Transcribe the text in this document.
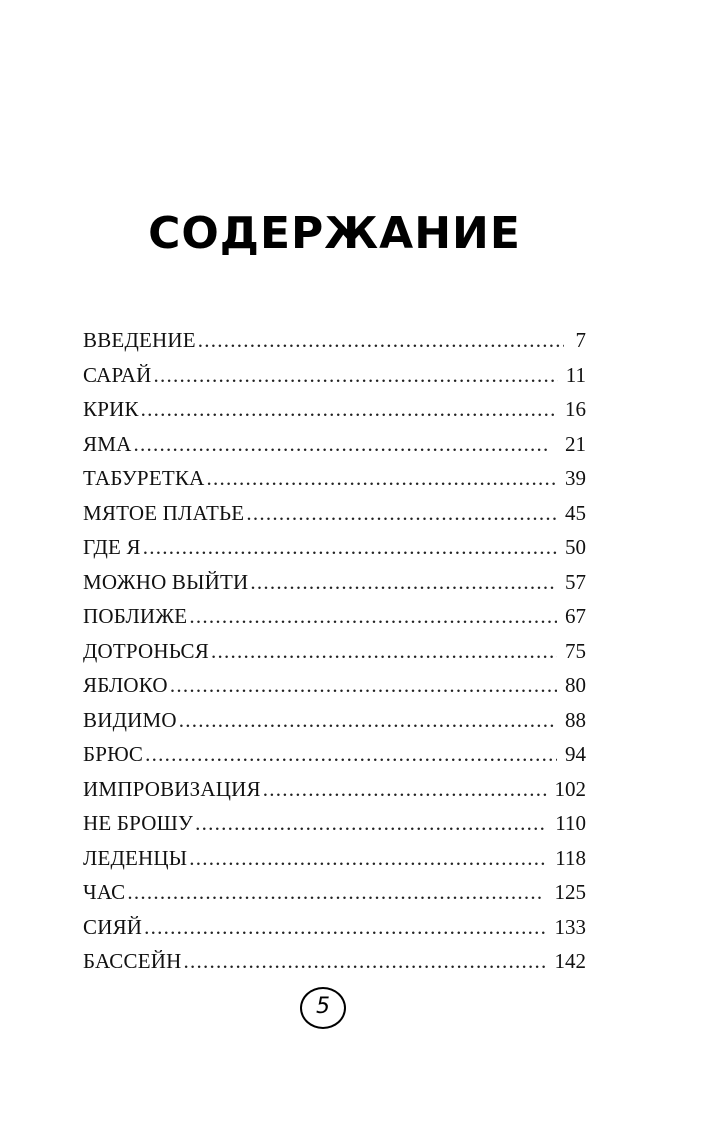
СОДЕРЖАНИЕ
ВВЕДЕНИЕ . . .	7
САРАЙ . . .	11
КРИК . . .	16
ЯМА . . .	21
ТАБУРЕТКА . . .	39
МЯТОЕ ПЛАТЬЕ . . .	45
ГДЕ Я . . .	50
МОЖНО ВЫЙТИ . . .	57
ПОБЛИЖЕ . . .	67
ДОТРОНЬСЯ . . .	75
ЯБЛОКО . . .	80
ВИДИМО . . .	88
БРЮС . . .	94
ИМПРОВИЗАЦИЯ . . .	102
НЕ БРОШУ . . .	110
ЛЕДЕНЦЫ . . .	118
ЧАС . . .	125
СИЯЙ . . .	133
БАССЕЙН . . .	142
5
